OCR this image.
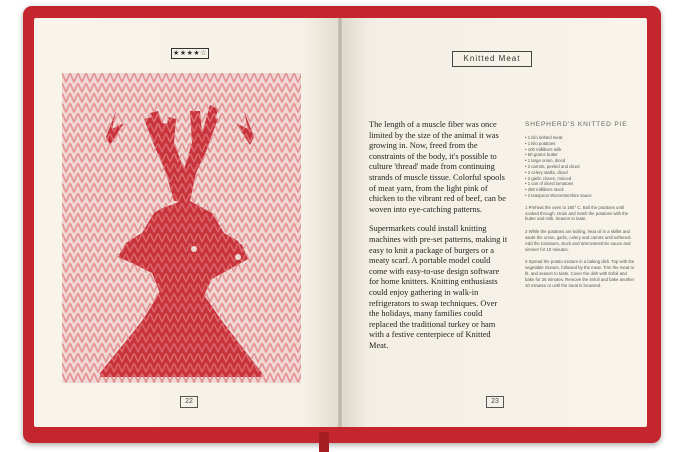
★★★★☆
22	23
Knitted Meat

The length of a muscle fiber was once limited by the size of the animal it was growing in. Now, freed from the constraints of the body, it's possible to culture 'thread' made from continuing strands of muscle tissue. Colorful spools of meat yarn, from the light pink of chicken to the vibrant red of beef, can be woven into eye-catching patterns.

Supermarkets could install knitting machines with pre-set patterns, making it easy to knit a package of burgers or a meaty scarf. A portable model could come with easy-to-use design software for home knitters. Knitting enthusiasts could enjoy gathering in walk-in refrigerators to swap techniques. Over the holidays, many families could replaced the traditional turkey or ham with a festive centerpiece of Knitted Meat.

SHEPHERD'S KNITTED PIE
• 1 kilo knitted meat
• 1 kilo potatoes
• 100 milliliters milk
• 60 grams butter
• 1 large onion, diced
• 2 carrots, peeled and diced
• 2 celery stalks, diced
• 2 garlic cloves, minced
• 1 can of diced tomatoes
• 250 milliliters stock
• 2 teaspoon Worcestershire sauce

1 Preheat the oven to 160° C. Boil the potatoes until cooked through. Drain and mash the potatoes with the butter and milk. Season to taste.

2 While the potatoes are boiling, heat oil in a skillet and sauté the onion, garlic, celery and carrots until softened. Add the tomatoes, stock and Worcestershire sauce and simmer for 10 minutes.

3 Spread the potato mixture in a baking dish. Top with the vegetable mixture, followed by the meat. Trim the meat to fit, and season to taste. Cover the dish with tinfoil and bake for 25 minutes. Remove the tinfoil and bake another 10 minutes or until the meat is browned.
